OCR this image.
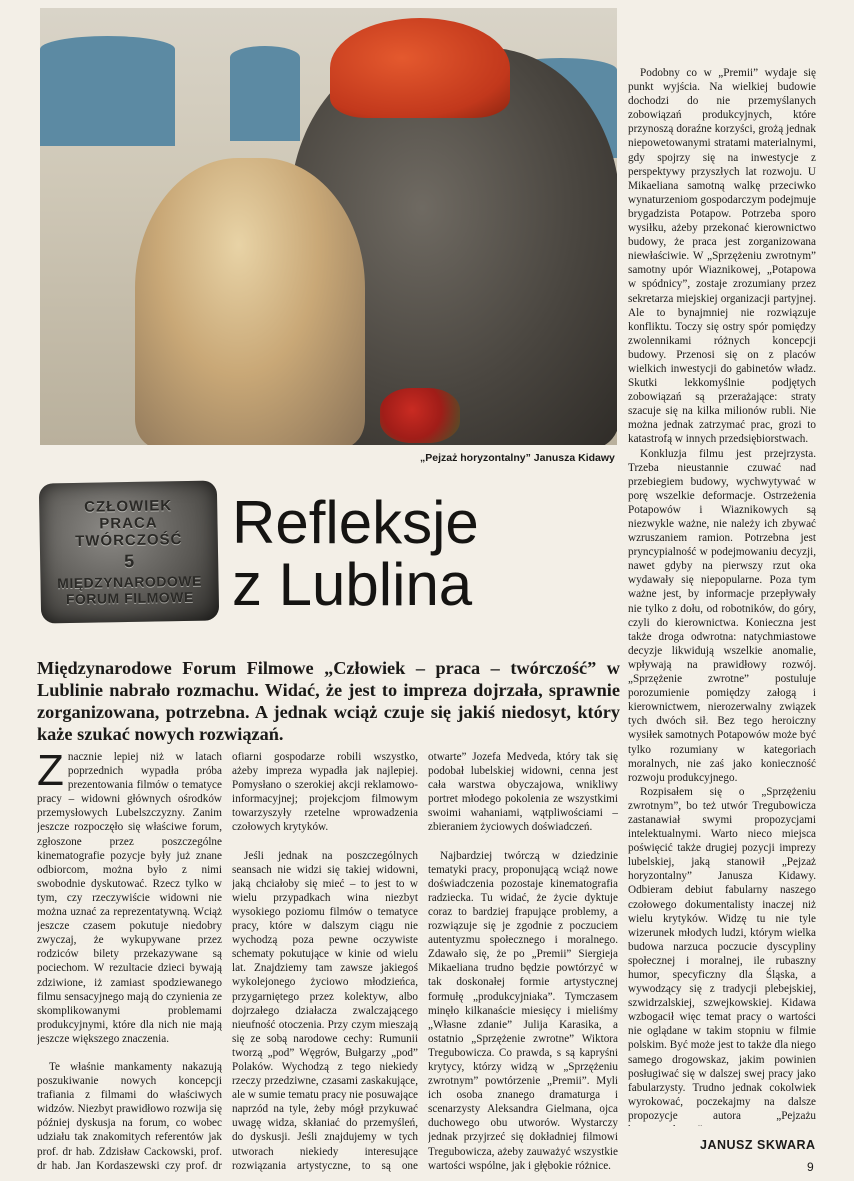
„Pejzaż horyzontalny” Janusza Kidawy
CZŁOWIEK
PRACA
TWÓRCZOŚĆ
5
MIĘDZYNARODOWE
FORUM FILMOWE
Refleksje
z Lublina

Międzynarodowe Forum Filmowe „Człowiek – praca – twórczość” w Lublinie nabrało rozmachu. Widać, że jest to impreza dojrzała, sprawnie zorganizowana, potrzebna. A jednak wciąż czuje się jakiś niedosyt, który każe szukać nowych rozwiązań.

Znacznie lepiej niż w latach poprzednich wypadła próba prezentowania filmów o tematyce pracy – widowni głównych ośrodków przemysłowych Lubelszczyzny. Zanim jeszcze rozpoczęło się właściwe forum, zgłoszone przez poszczególne kinematografie pozycje były już znane odbiorcom, można było z nimi swobodnie dyskutować. Rzecz tylko w tym, czy rzeczywiście widowni nie można uznać za reprezentatywną. Wciąż jeszcze czasem pokutuje niedobry zwyczaj, że wykupywane przez rodziców bilety przekazywane są pociechom. W rezultacie dzieci bywają zdziwione, iż zamiast spodziewanego filmu sensacyjnego mają do czynienia ze skomplikowanymi problemami produkcyjnymi, które dla nich nie mają jeszcze większego znaczenia.

Te właśnie mankamenty nakazują poszukiwanie nowych koncepcji trafiania z filmami do właściwych widzów. Niezbyt prawidłowo rozwija się później dyskusja na forum, co wobec udziału tak znakomitych referentów jak prof. dr hab. Zdzisław Cackowski, prof. dr hab. Jan Kordaszewski czy prof. dr

ofiarni gospodarze robili wszystko, ażeby impreza wypadła jak najlepiej. Pomysłano o szerokiej akcji reklamowo-informacyjnej; projekcjom filmowym towarzyszyły rzetelne wprowadzenia czołowych krytyków.

Jeśli jednak na poszczególnych seansach nie widzi się takiej widowni, jaką chciałoby się mieć – to jest to w wielu przypadkach wina niezbyt wysokiego poziomu filmów o tematyce pracy, które w dalszym ciągu nie wychodzą poza pewne oczywiste schematy pokutujące w kinie od wielu lat. Znajdziemy tam zawsze jakiegoś wykolejonego życiowo młodzieńca, przygarniętego przez kolektyw, albo dojrzałego działacza zwalczającego nieufność otoczenia. Przy czym mieszają się ze sobą narodowe cechy: Rumunii tworzą „pod” Węgrów, Bułgarzy „pod” Polaków. Wychodzą z tego niekiedy rzeczy przedziwne, czasami zaskakujące, ale w sumie tematu pracy nie posuwające naprzód na tyle, żeby mógł przykuwać uwagę widza, skłaniać do przemyśleń, do dyskusji. Jeśli znajdujemy w tych utworach niekiedy interesujące rozwiązania artystyczne, to są one

otwarte” Jozefa Medveda, który tak się podobał lubelskiej widowni, cenna jest cała warstwa obyczajowa, wnikliwy portret młodego pokolenia ze wszystkimi swoimi wahaniami, wątpliwościami – zbieraniem życiowych doświadczeń.

Najbardziej twórczą w dziedzinie tematyki pracy, proponującą wciąż nowe doświadczenia pozostaje kinematografia radziecka. Tu widać, że życie dyktuje coraz to bardziej frapujące problemy, a rozwiązuje się je zgodnie z poczuciem autentyzmu społecznego i moralnego. Zdawało się, że po „Premii” Siergieja Mikaeliana trudno będzie powtórzyć w tak doskonałej formie artystycznej formułę „produkcyjniaka”. Tymczasem minęło kilkanaście miesięcy i mieliśmy „Własne zdanie” Julija Karasika, a ostatnio „Sprzężenie zwrotne” Wiktora Tregubowicza. Co prawda, s są kapryśni krytycy, którzy widzą w „Sprzężeniu zwrotnym” powtórzenie „Premii”. Myli ich osoba znanego dramaturga i scenarzysty Aleksandra Gielmana, ojca duchowego obu utworów. Wystarczy jednak przyjrzeć się dokładniej filmowi Tregubowicza, ażeby zauważyć wszystkie wartości wspólne, jak i głębokie różnice.

Podobny co w „Premii” wydaje się punkt wyjścia. Na wielkiej budowie dochodzi do nie przemyślanych zobowiązań produkcyjnych, które przynoszą doraźne korzyści, grożą jednak niepowetowanymi stratami materialnymi, gdy spojrzy się na inwestycje z perspektywy przyszłych lat rozwoju. U Mikaeliana samotną walkę przeciwko wynaturzeniom gospodarczym podejmuje brygadzista Potapow. Potrzeba sporo wysiłku, ażeby przekonać kierownictwo budowy, że praca jest zorganizowana niewłaściwie. W „Sprzężeniu zwrotnym” samotny upór Wiaznikowej, „Potapowa w spódnicy”, zostaje zrozumiany przez sekretarza miejskiej organizacji partyjnej. Ale to bynajmniej nie rozwiązuje konfliktu. Toczy się ostry spór pomiędzy zwolennikami różnych koncepcji budowy. Przenosi się on z placów wielkich inwestycji do gabinetów władz. Skutki lekkomyślnie podjętych zobowiązań są przerażające: straty szacuje się na kilka milionów rubli. Nie można jednak zatrzymać prac, grozi to katastrofą w innych przedsiębiorstwach.

Konkluzja filmu jest przejrzysta. Trzeba nieustannie czuwać nad przebiegiem budowy, wychwytywać w porę wszelkie deformacje. Ostrzeżenia Potapowów i Wiaznikowych są niezwykle ważne, nie należy ich zbywać wzruszaniem ramion. Potrzebna jest pryncypialność w podejmowaniu decyzji, nawet gdyby na pierwszy rzut oka wydawały się niepopularne. Poza tym ważne jest, by informacje przepływały nie tylko z dołu, od robotników, do góry, czyli do kierownictwa. Konieczna jest także droga odwrotna: natychmiastowe decyzje likwidują wszelkie anomalie, wpływają na prawidłowy rozwój. „Sprzężenie zwrotne” postuluje porozumienie pomiędzy załogą i kierownictwem, nierozerwalny związek tych dwóch sił. Bez tego heroiczny wysiłek samotnych Potapowów może być tylko rozumiany w kategoriach moralnych, nie zaś jako konieczność rozwoju produkcyjnego.

Rozpisałem się o „Sprzężeniu zwrotnym”, bo też utwór Tregubowicza zastanawiał swymi propozycjami intelektualnymi. Warto nieco miejsca poświęcić także drugiej pozycji imprezy lubelskiej, jaką stanowił „Pejzaż horyzontalny” Janusza Kidawy. Odbieram debiut fabularny naszego czołowego dokumentalisty inaczej niż wielu krytyków. Widzę tu nie tyle wizerunek młodych ludzi, którym wielka budowa narzuca poczucie dyscypliny społecznej i moralnej, ile rubaszny humor, specyficzny dla Śląska, a wywodzący się z tradycji plebejskiej, szwidrzalskiej, szwejkowskiej. Kidawa wzbogacił więc temat pracy o wartości nie oglądane w takim stopniu w filmie polskim. Być może jest to także dla niego samego drogowskaz, jakim powinien posługiwać się w dalszej swej pracy jako fabularzysty. Trudno jednak cokolwiek wyrokować, poczekajmy na dalsze propozycje autora „Pejzażu

JANUSZ SKWARA
9
